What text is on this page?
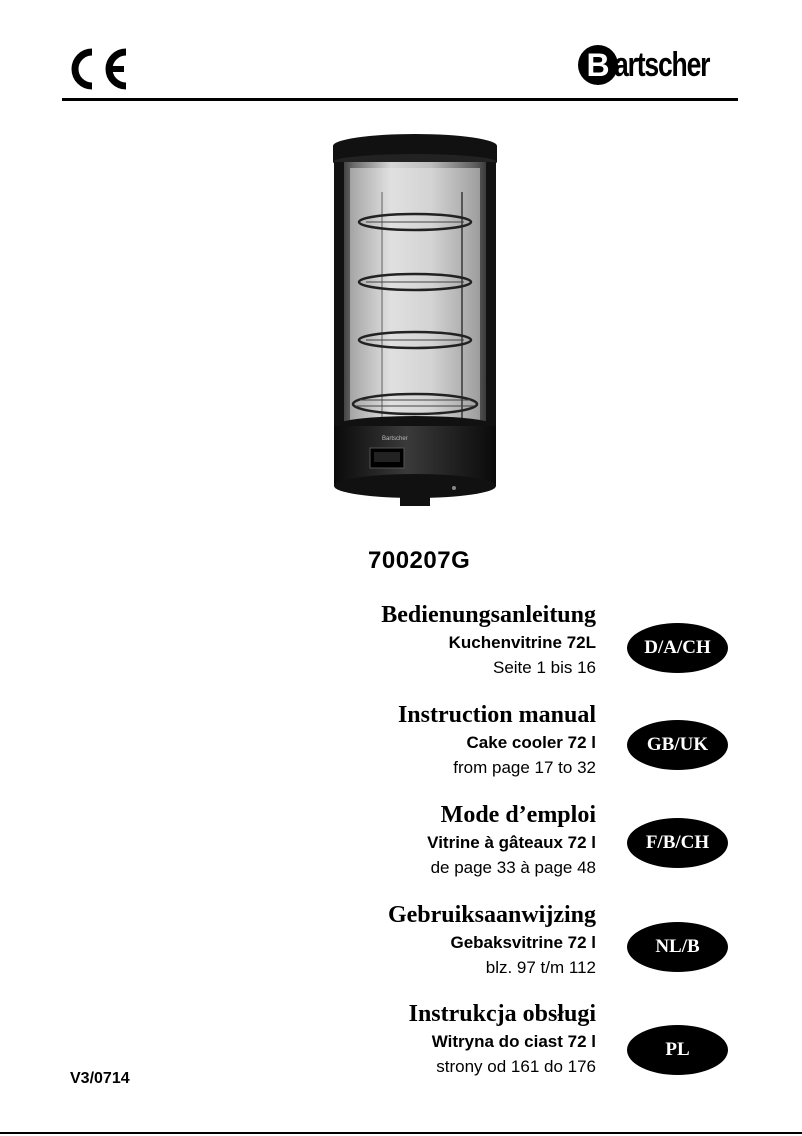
B artscher
Bartscher
700207G
Bedienungsanleitung
Kuchenvitrine 72L
Seite 1 bis 16
D/A/CH
Instruction manual
Cake cooler 72 l
from page 17 to 32
GB/UK
Mode d’emploi
Vitrine à gâteaux 72 l
de page 33 à page 48
F/B/CH
Gebruiksaanwijzing
Gebaksvitrine 72 l
blz. 97 t/m 112
NL/B
Instrukcja obsługi
Witryna do ciast 72 l
strony od 161 do 176
PL
V3/0714
